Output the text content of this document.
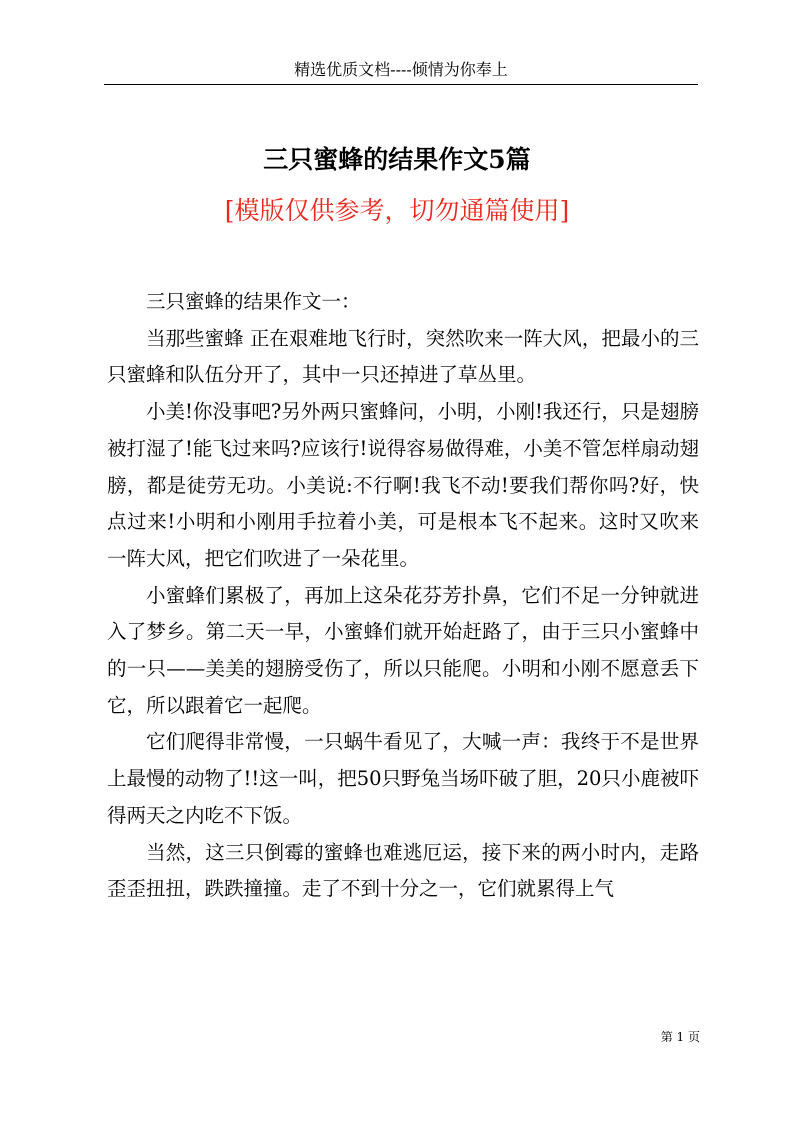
精选优质文档----倾情为你奉上
三只蜜蜂的结果作文5篇
[模版仅供参考，切勿通篇使用]

三只蜜蜂的结果作文一：

当那些蜜蜂 正在艰难地飞行时，突然吹来一阵大风，把最小的三只蜜蜂和队伍分开了，其中一只还掉进了草丛里。

小美!你没事吧?另外两只蜜蜂问，小明，小刚!我还行，只是翅膀被打湿了!能飞过来吗?应该行!说得容易做得难，小美不管怎样扇动翅膀，都是徒劳无功。小美说:不行啊!我飞不动!要我们帮你吗?好，快点过来!小明和小刚用手拉着小美，可是根本飞不起来。这时又吹来一阵大风，把它们吹进了一朵花里。

小蜜蜂们累极了，再加上这朵花芬芳扑鼻，它们不足一分钟就进入了梦乡。第二天一早，小蜜蜂们就开始赶路了，由于三只小蜜蜂中的一只——美美的翅膀受伤了，所以只能爬。小明和小刚不愿意丢下它，所以跟着它一起爬。

它们爬得非常慢，一只蜗牛看见了，大喊一声：我终于不是世界上最慢的动物了!!这一叫，把50只野兔当场吓破了胆，20只小鹿被吓得两天之内吃不下饭。

当然，这三只倒霉的蜜蜂也难逃厄运，接下来的两小时内，走路歪歪扭扭，跌跌撞撞。走了不到十分之一，它们就累得上气

第 1 页
